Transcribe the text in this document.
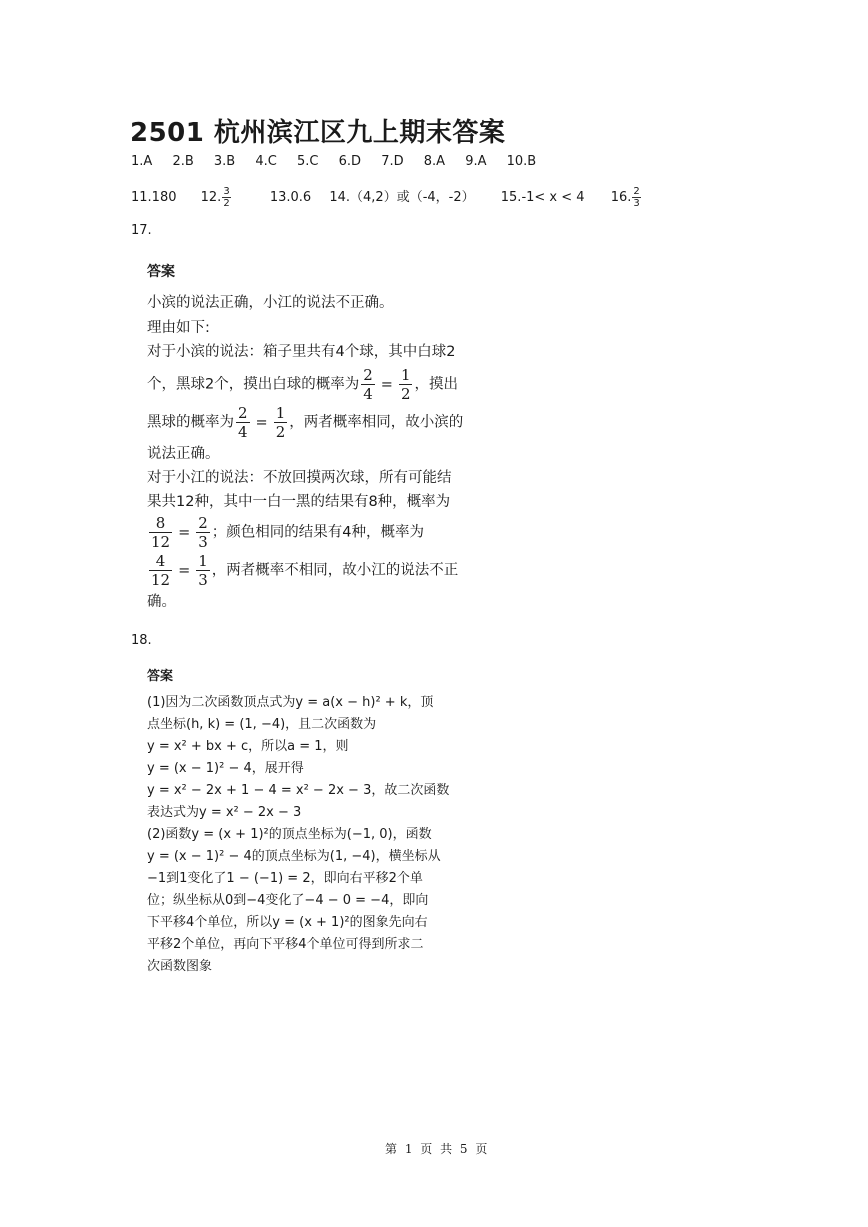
2501 杭州滨江区九上期末答案
1.A 2.B 3.B 4.C 5.C 6.D 7.D 8.A 9.A 10.B
11.180 12. $\frac{3}{2}$	13.0.6 14.（4,2）或（-4，-2） 15.-1< x < 4 16. $\frac{2}{3}$
17.
答案
小滨的说法正确，小江的说法不正确。
理由如下:
对于小滨的说法：箱子里共有4个球，其中白球2
个，黑球2个，摸出白球的概率为 $\frac{2}{4} = \frac{1}{2}$ ，摸出
黑球的概率为 $\frac{2}{4} = \frac{1}{2}$ ，两者概率相同，故小滨的
说法正确。
对于小江的说法：不放回摸两次球，所有可能结
果共12种，其中一白一黑的结果有8种，概率为
$\frac{8}{12} = \frac{2}{3}$ ；颜色相同的结果有4种，概率为
$\frac{4}{12} = \frac{1}{3}$ ，两者概率不相同，故小江的说法不正
确。
18.
答案
(1)因为二次函数顶点式为y = a(x − h)² + k，顶
点坐标(h, k) = (1, −4)，且二次函数为
y = x² + bx + c，所以a = 1，则
y = (x − 1)² − 4，展开得
y = x² − 2x + 1 − 4 = x² − 2x − 3，故二次函数
表达式为y = x² − 2x − 3
(2)函数y = (x + 1)²的顶点坐标为(−1, 0)，函数
y = (x − 1)² − 4的顶点坐标为(1, −4)，横坐标从
−1到1变化了1 − (−1) = 2，即向右平移2个单
位；纵坐标从0到−4变化了−4 − 0 = −4，即向
下平移4个单位，所以y = (x + 1)²的图象先向右
平移2个单位，再向下平移4个单位可得到所求二
次函数图象
第 1 页 共 5 页
